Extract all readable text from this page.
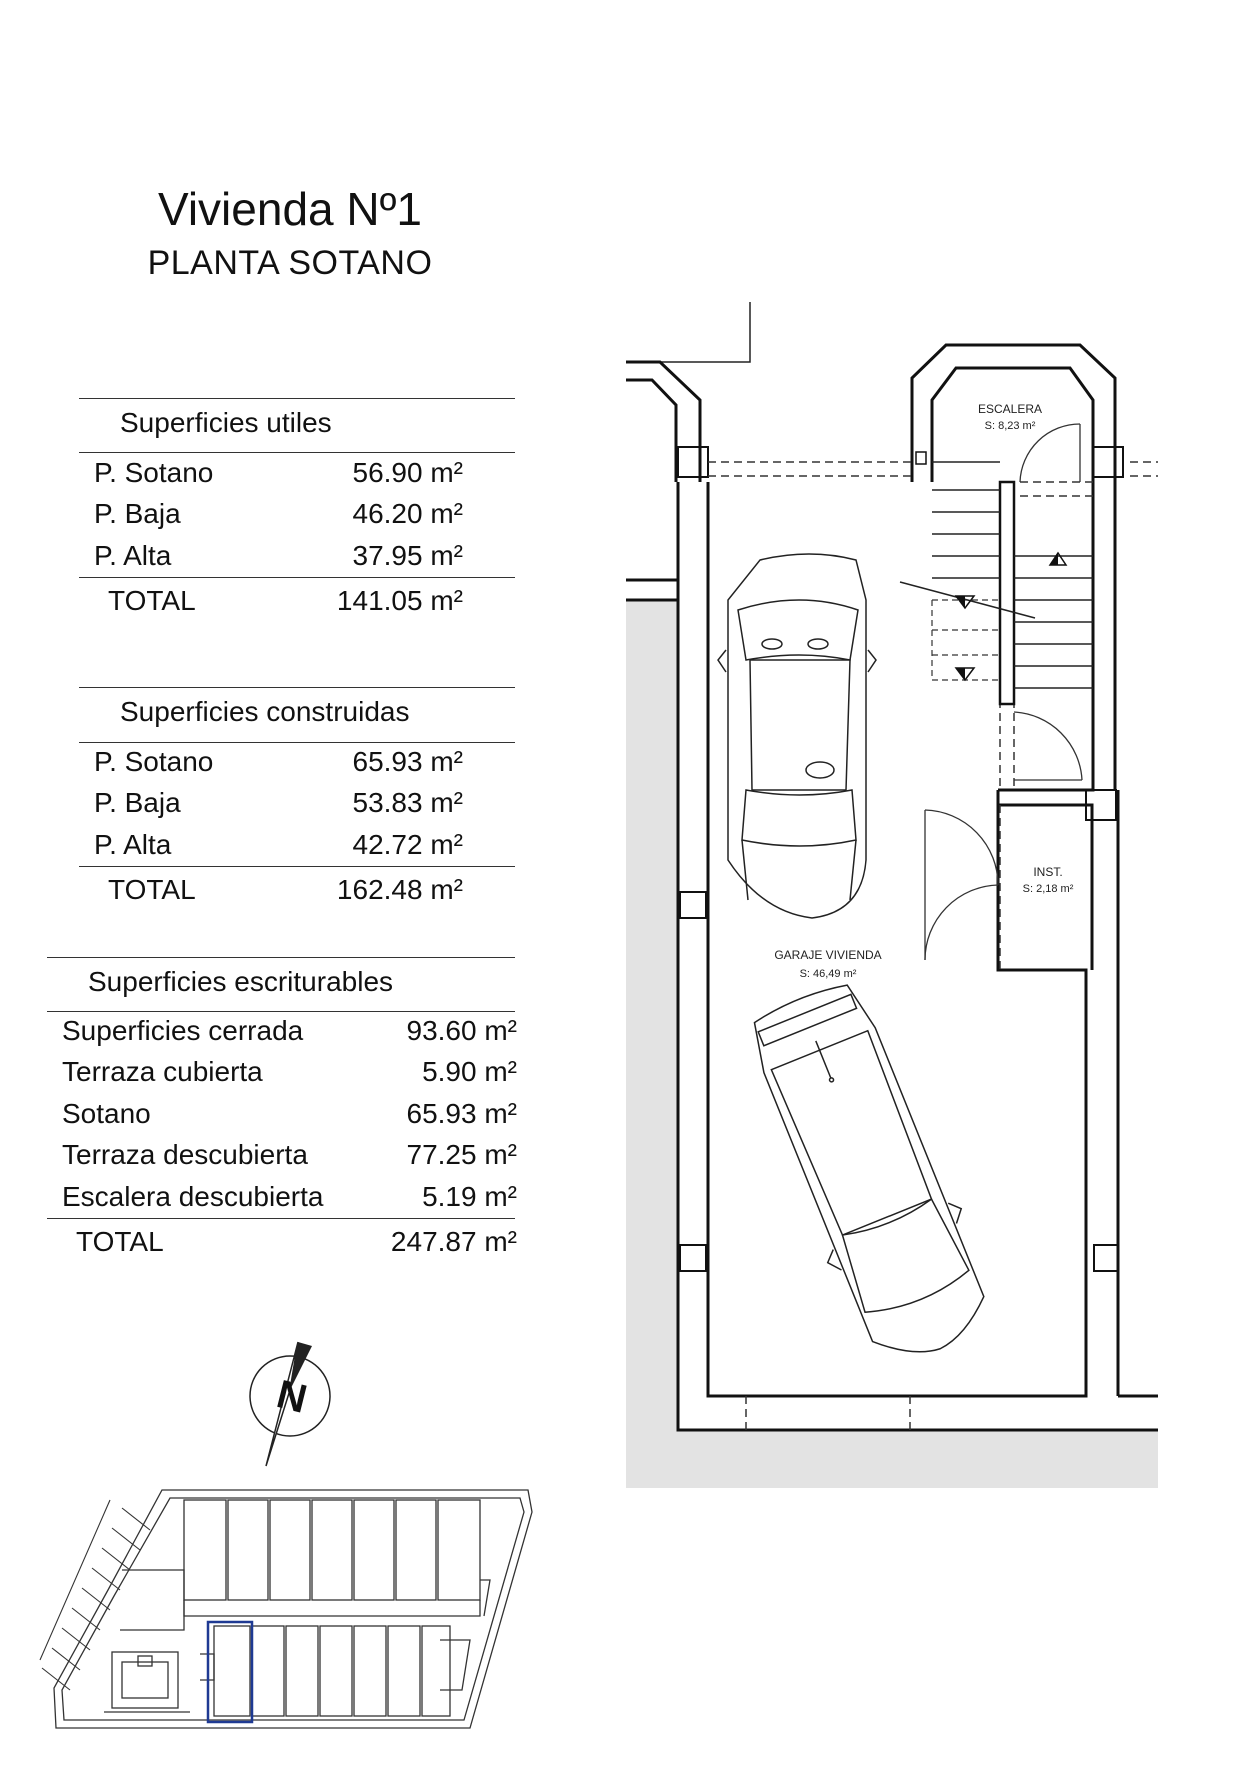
Vivienda Nº1
PLANTA SOTANO
Superficies utiles
P. Sotano	56.90 m²
P. Baja	46.20 m²
P. Alta	37.95 m²
TOTAL	141.05 m²
Superficies construidas
P. Sotano	65.93 m²
P. Baja	53.83 m²
P. Alta	42.72 m²
TOTAL	162.48 m²
Superficies escriturables
Superficies cerrada	93.60 m²
Terraza cubierta	5.90 m²
Sotano	65.93 m²
Terraza descubierta	77.25 m²
Escalera descubierta	5.19 m²
TOTAL	247.87 m²
ESCALERA
S: 8,23 m²
INST.
S: 2,18 m²
GARAJE VIVIENDA
S: 46,49 m²
N
